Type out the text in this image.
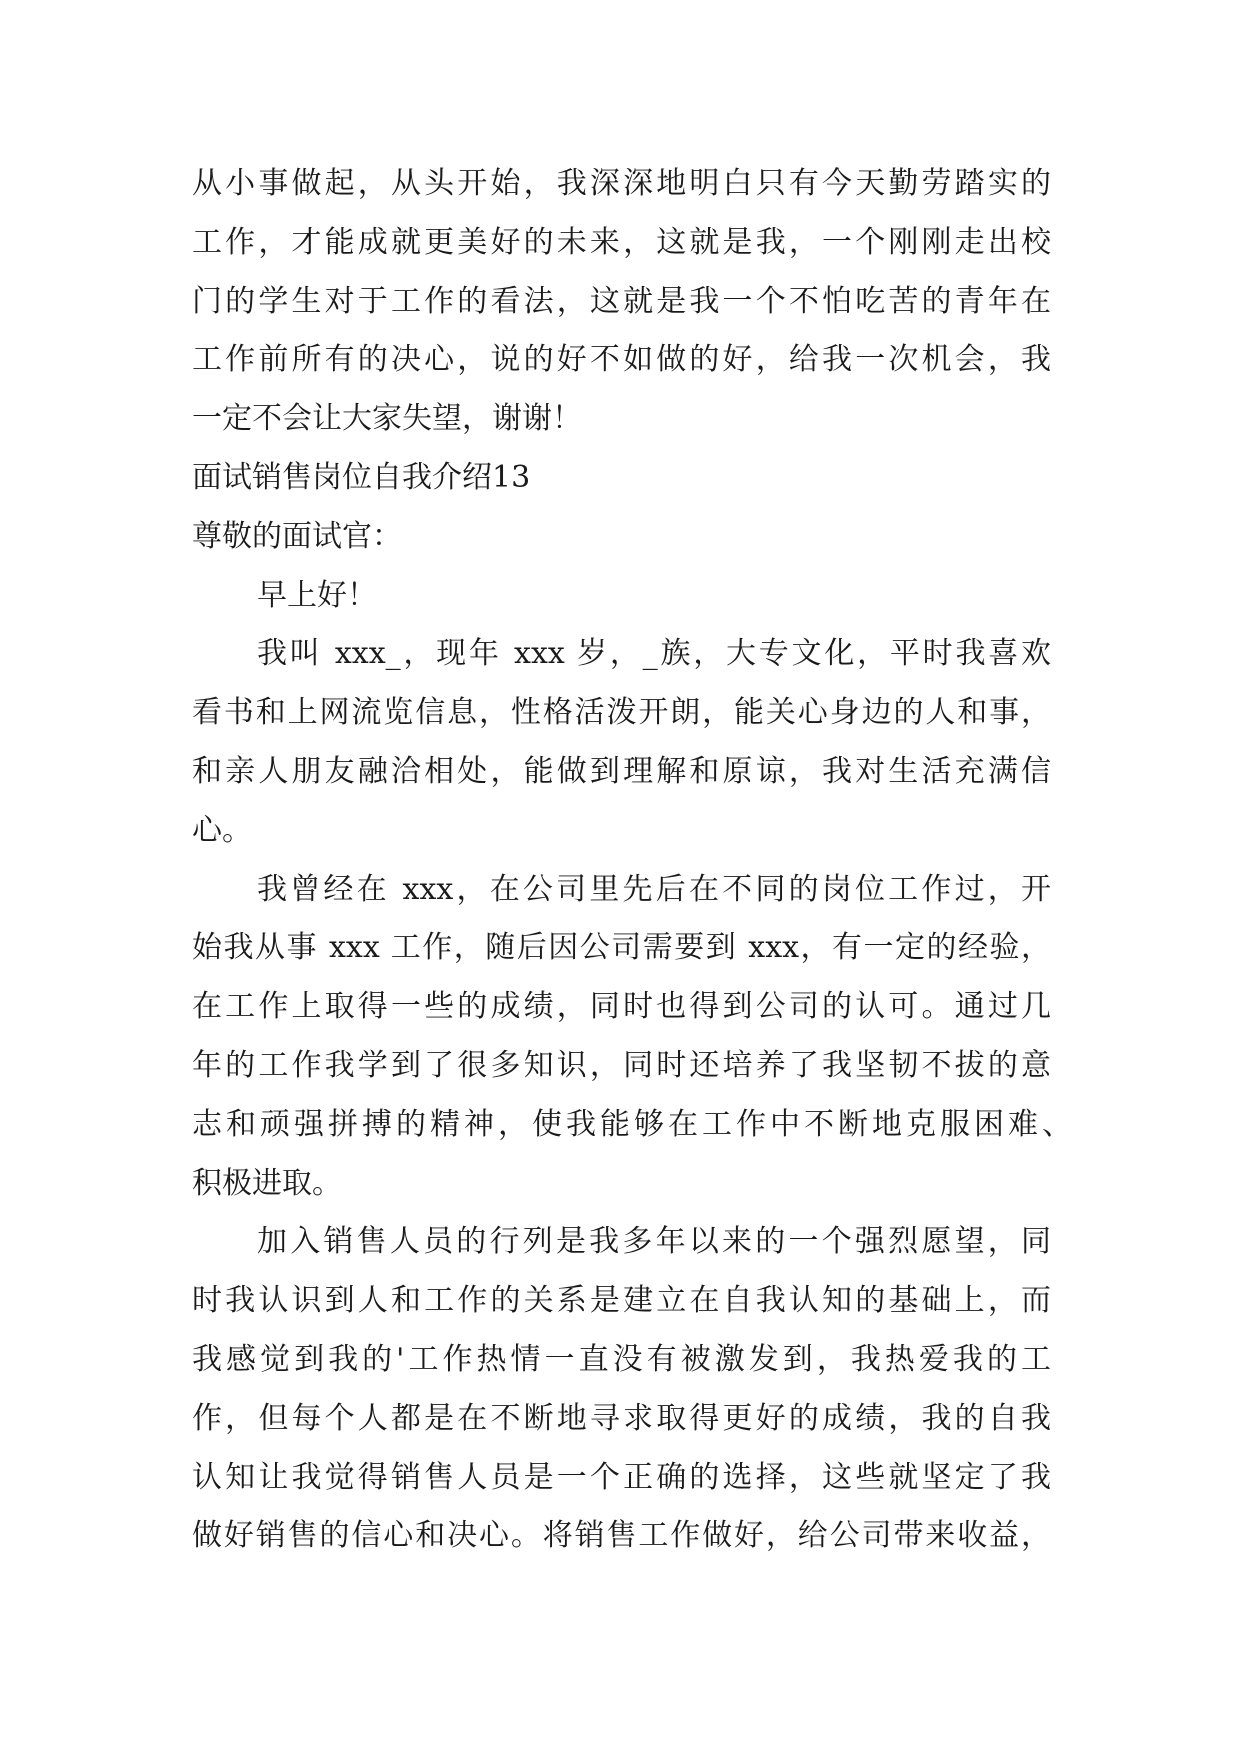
从小事做起，从头开始，我深深地明白只有今天勤劳踏实的
工作，才能成就更美好的未来，这就是我，一个刚刚走出校
门的学生对于工作的看法，这就是我一个不怕吃苦的青年在
工作前所有的决心，说的好不如做的好，给我一次机会，我
一定不会让大家失望，谢谢！
面试销售岗位自我介绍13
尊敬的面试官：
早上好！
我叫 xxx_，现年 xxx 岁，_族，大专文化，平时我喜欢
看书和上网流览信息，性格活泼开朗，能关心身边的人和事，
和亲人朋友融洽相处，能做到理解和原谅，我对生活充满信
心。
我曾经在 xxx，在公司里先后在不同的岗位工作过，开
始我从事 xxx 工作，随后因公司需要到 xxx，有一定的经验，
在工作上取得一些的成绩，同时也得到公司的认可。通过几
年的工作我学到了很多知识，同时还培养了我坚韧不拔的意
志和顽强拼搏的精神，使我能够在工作中不断地克服困难、
积极进取。
加入销售人员的行列是我多年以来的一个强烈愿望，同
时我认识到人和工作的关系是建立在自我认知的基础上，而
我感觉到我的'工作热情一直没有被激发到，我热爱我的工
作，但每个人都是在不断地寻求取得更好的成绩，我的自我
认知让我觉得销售人员是一个正确的选择，这些就坚定了我
做好销售的信心和决心。将销售工作做好，给公司带来收益，
